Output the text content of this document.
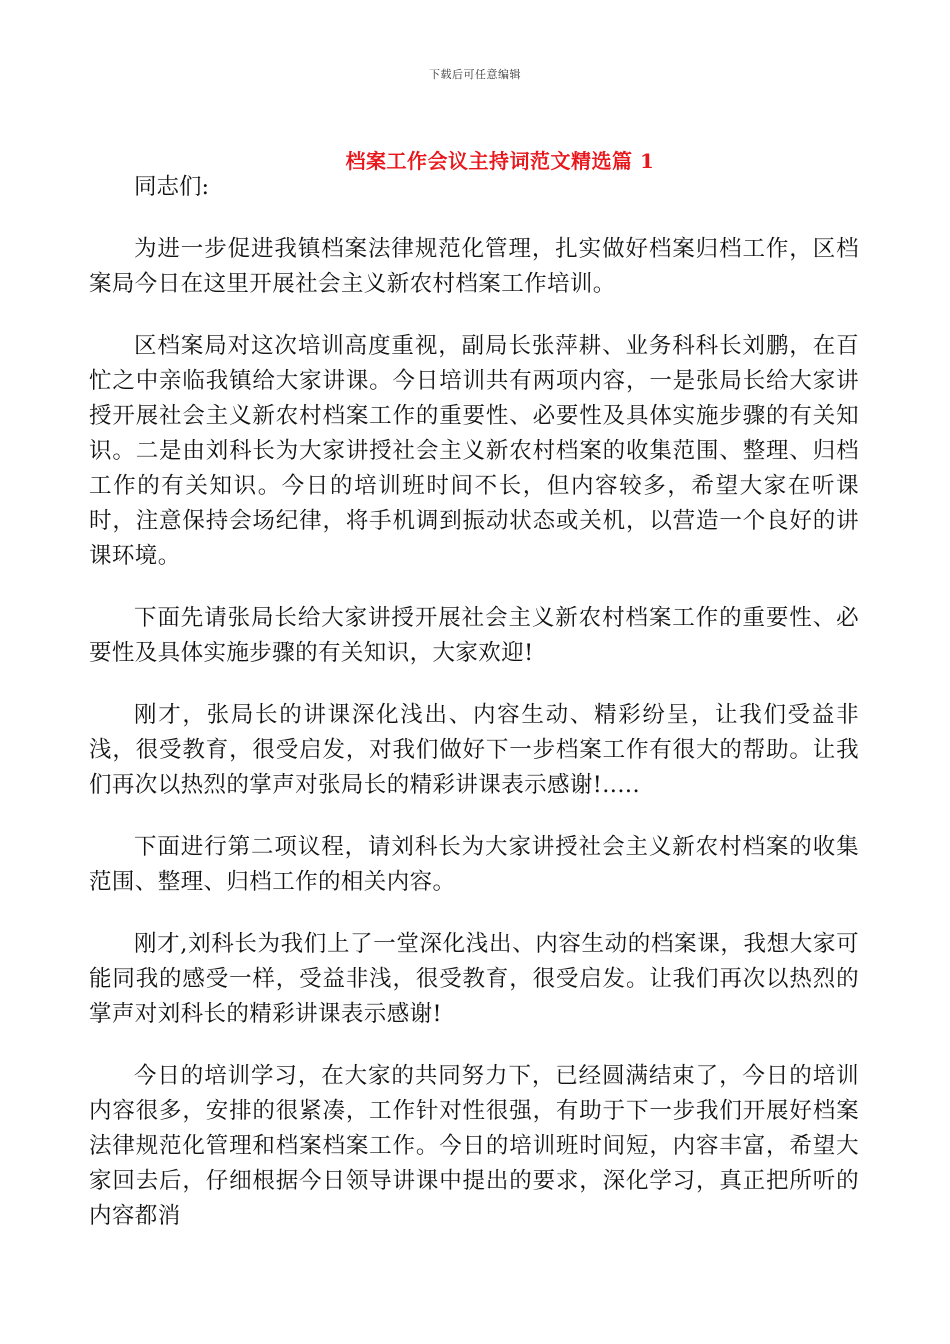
下载后可任意编辑
档案工作会议主持词范文精选篇 1

同志们:

为进一步促进我镇档案法律规范化管理，扎实做好档案归档工作，区档案局今日在这里开展社会主义新农村档案工作培训。

区档案局对这次培训高度重视，副局长张萍耕、业务科科长刘鹏，在百忙之中亲临我镇给大家讲课。今日培训共有两项内容，一是张局长给大家讲授开展社会主义新农村档案工作的重要性、必要性及具体实施步骤的有关知识。二是由刘科长为大家讲授社会主义新农村档案的收集范围、整理、归档工作的有关知识。今日的培训班时间不长，但内容较多，希望大家在听课时，注意保持会场纪律，将手机调到振动状态或关机，以营造一个良好的讲课环境。

下面先请张局长给大家讲授开展社会主义新农村档案工作的重要性、必要性及具体实施步骤的有关知识，大家欢迎!

刚才，张局长的讲课深化浅出、内容生动、精彩纷呈，让我们受益非浅，很受教育，很受启发，对我们做好下一步档案工作有很大的帮助。让我们再次以热烈的掌声对张局长的精彩讲课表示感谢!.....

下面进行第二项议程，请刘科长为大家讲授社会主义新农村档案的收集范围、整理、归档工作的相关内容。

刚才,刘科长为我们上了一堂深化浅出、内容生动的档案课，我想大家可能同我的感受一样，受益非浅，很受教育，很受启发。让我们再次以热烈的掌声对刘科长的精彩讲课表示感谢!

今日的培训学习，在大家的共同努力下，已经圆满结束了，今日的培训内容很多，安排的很紧凑，工作针对性很强，有助于下一步我们开展好档案法律规范化管理和档案档案工作。今日的培训班时间短，内容丰富，希望大家回去后，仔细根据今日领导讲课中提出的要求，深化学习，真正把所听的内容都消
